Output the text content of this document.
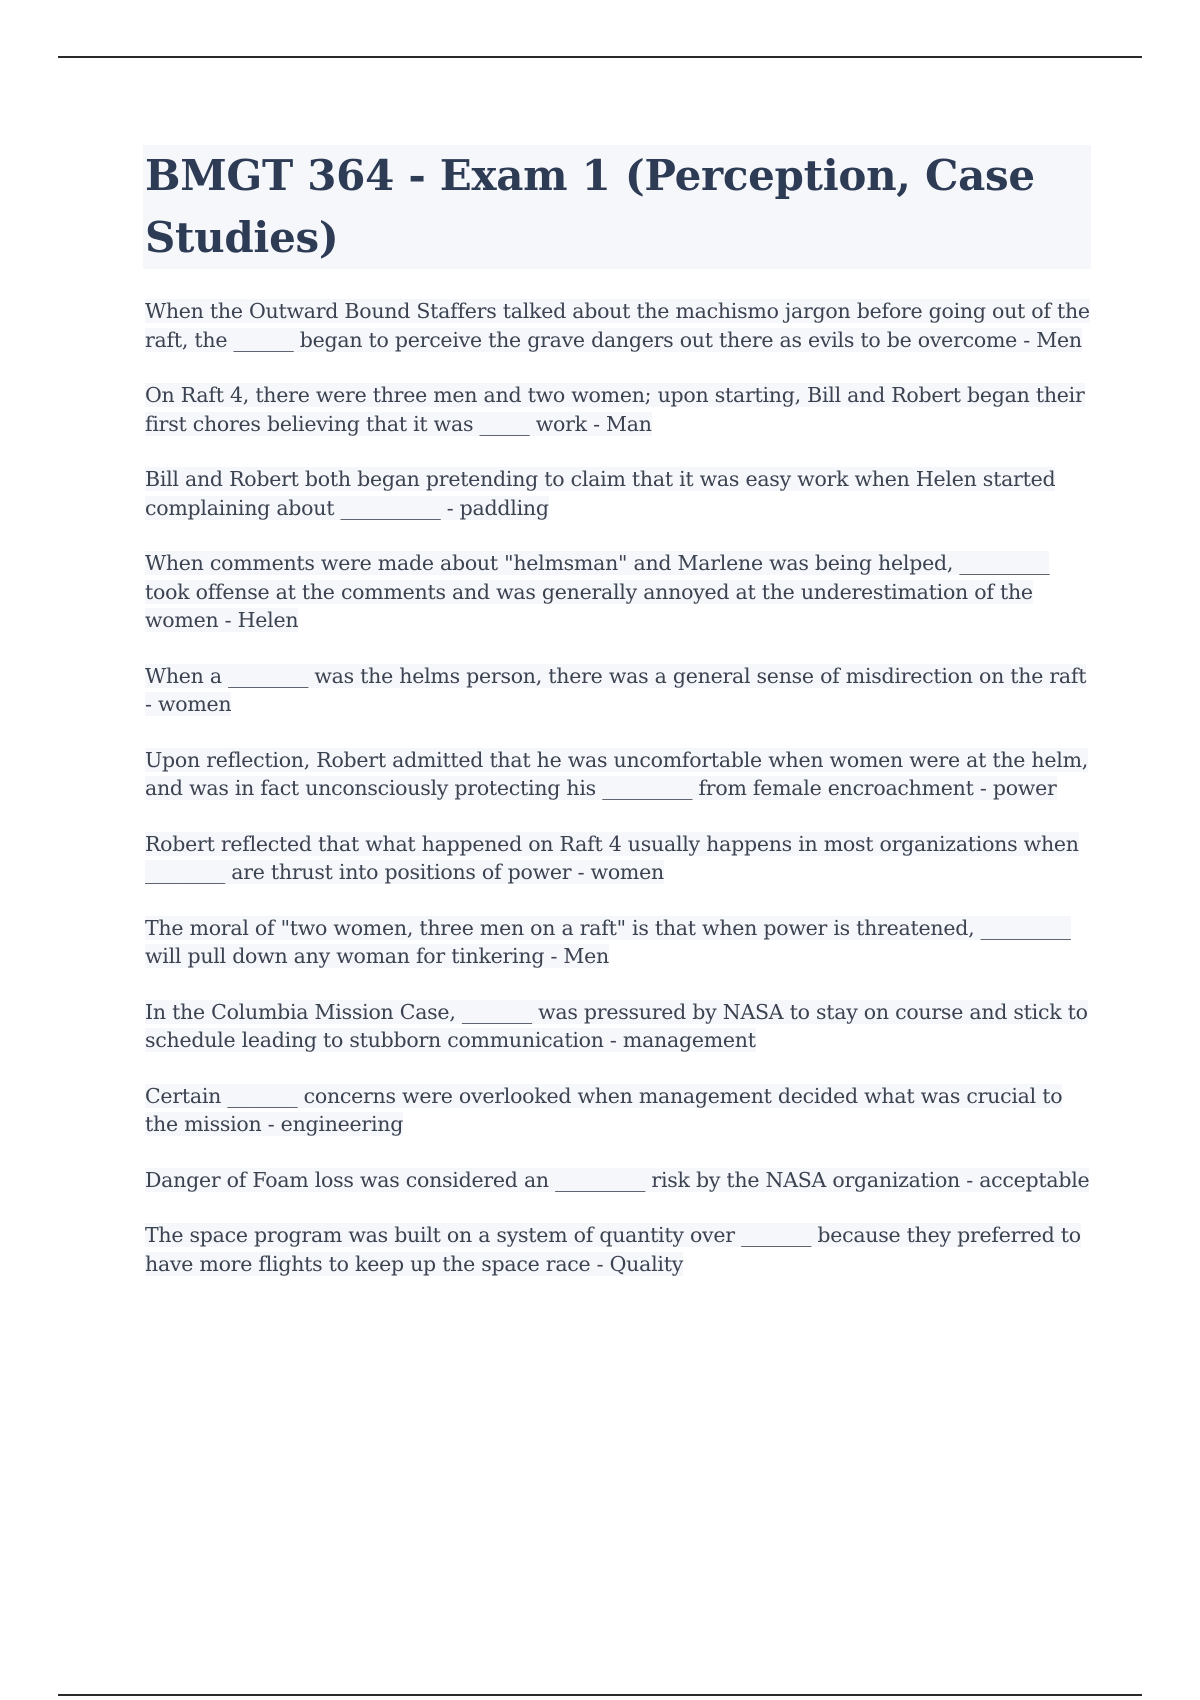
BMGT 364 - Exam 1 (Perception, Case Studies)

When the Outward Bound Staffers talked about the machismo jargon before going out of the raft, the ______ began to perceive the grave dangers out there as evils to be overcome - Men

On Raft 4, there were three men and two women; upon starting, Bill and Robert began their first chores believing that it was _____ work - Man

Bill and Robert both began pretending to claim that it was easy work when Helen started complaining about __________ - paddling

When comments were made about "helmsman" and Marlene was being helped, _________ took offense at the comments and was generally annoyed at the underestimation of the women - Helen

When a ________ was the helms person, there was a general sense of misdirection on the raft - women

Upon reflection, Robert admitted that he was uncomfortable when women were at the helm, and was in fact unconsciously protecting his _________ from female encroachment - power

Robert reflected that what happened on Raft 4 usually happens in most organizations when ________ are thrust into positions of power - women

The moral of "two women, three men on a raft" is that when power is threatened, _________ will pull down any woman for tinkering - Men

In the Columbia Mission Case, _______ was pressured by NASA to stay on course and stick to schedule leading to stubborn communication - management

Certain _______ concerns were overlooked when management decided what was crucial to the mission - engineering

Danger of Foam loss was considered an _________ risk by the NASA organization - acceptable

The space program was built on a system of quantity over _______ because they preferred to have more flights to keep up the space race - Quality
